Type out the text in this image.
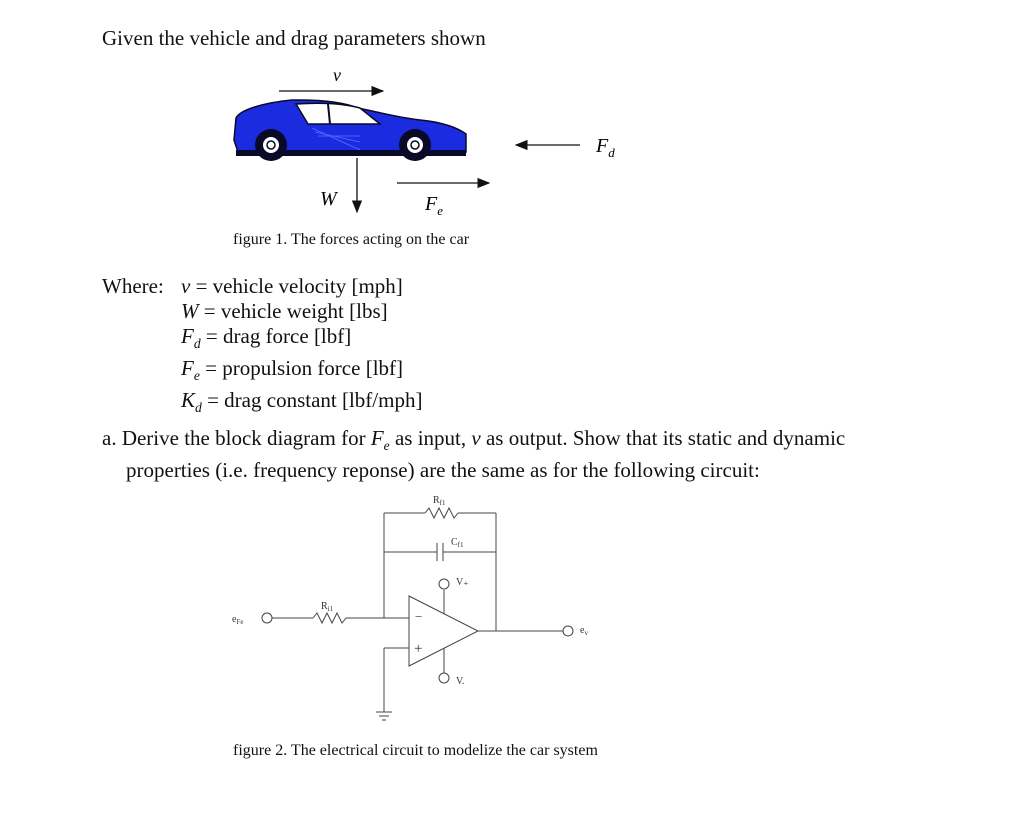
Given the vehicle and drag parameters shown
v
$F_d$
W	$F_e$
figure 1. The forces acting on the car
Where: v = vehicle velocity [mph]
W = vehicle weight [lbs]
$F_d$ = drag force [lbf]
$F_e$ = propulsion force [lbf]
$K_d$ = drag constant [lbf/mph]
a. Derive the block diagram for $F_e$ as input, v as output. Show that its static and dynamic
properties (i.e. frequency reponse) are the same as for the following circuit:
$R_{f1}$
$C_{f1}$
$R_{i1}$
V₊
V.
$e_{Fe}$
$e_v$
−
+
figure 2. The electrical circuit to modelize the car system
